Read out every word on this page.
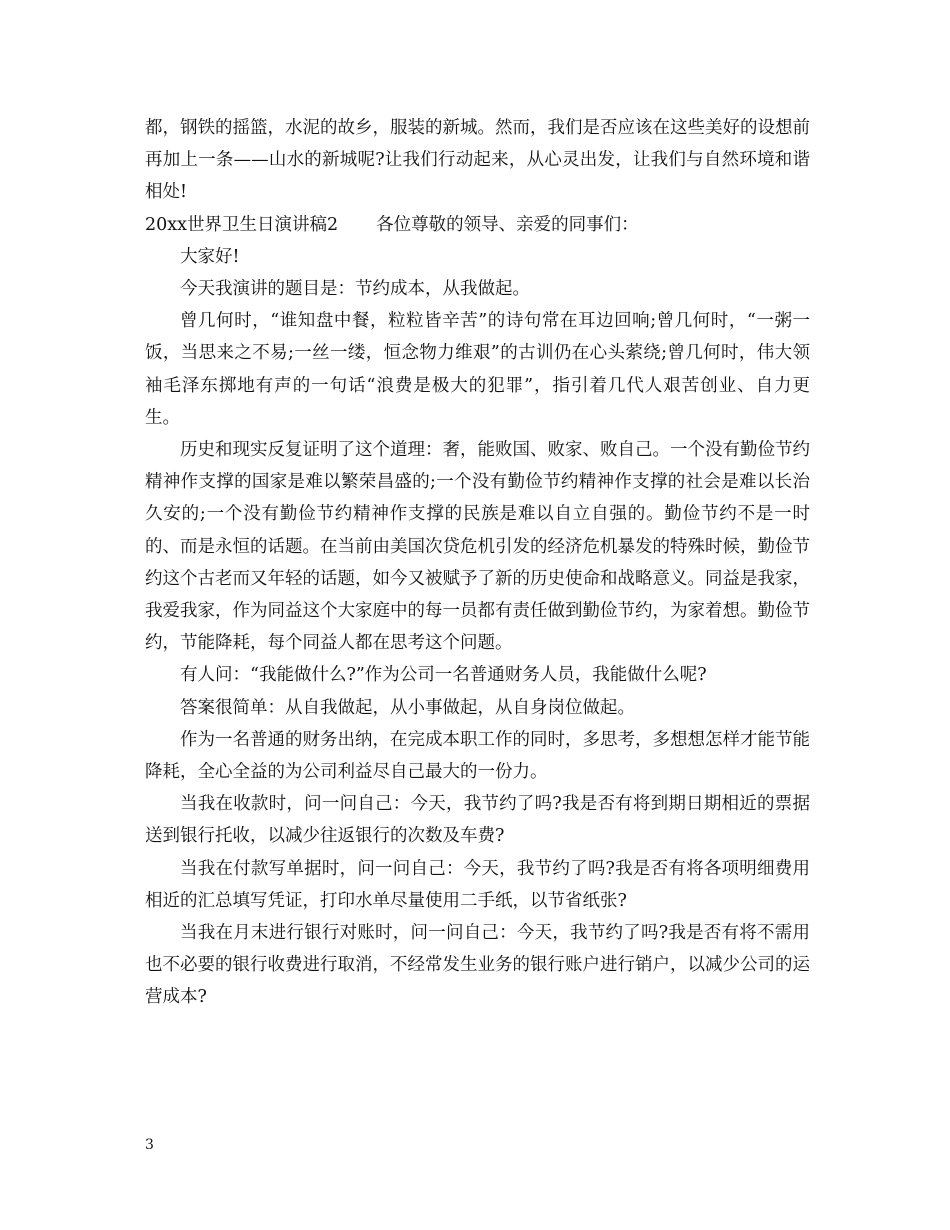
都，钢铁的摇篮，水泥的故乡，服装的新城。然而，我们是否应该在这些美好的设想前再加上一条——山水的新城呢?让我们行动起来，从心灵出发，让我们与自然环境和谐相处!

20xx世界卫生日演讲稿2 各位尊敬的领导、亲爱的同事们：

大家好!

今天我演讲的题目是：节约成本，从我做起。

曾几何时，“谁知盘中餐，粒粒皆辛苦”的诗句常在耳边回响;曾几何时，“一粥一饭，当思来之不易;一丝一缕，恒念物力维艰”的古训仍在心头萦绕;曾几何时，伟大领袖毛泽东掷地有声的一句话“浪费是极大的犯罪”，指引着几代人艰苦创业、自力更生。

历史和现实反复证明了这个道理：奢，能败国、败家、败自己。一个没有勤俭节约精神作支撑的国家是难以繁荣昌盛的;一个没有勤俭节约精神作支撑的社会是难以长治久安的;一个没有勤俭节约精神作支撑的民族是难以自立自强的。勤俭节约不是一时的、而是永恒的话题。在当前由美国次贷危机引发的经济危机暴发的特殊时候，勤俭节约这个古老而又年轻的话题，如今又被赋予了新的历史使命和战略意义。同益是我家，我爱我家，作为同益这个大家庭中的每一员都有责任做到勤俭节约，为家着想。勤俭节约，节能降耗，每个同益人都在思考这个问题。

有人问：“我能做什么?”作为公司一名普通财务人员，我能做什么呢?

答案很简单：从自我做起，从小事做起，从自身岗位做起。

作为一名普通的财务出纳，在完成本职工作的同时，多思考，多想想怎样才能节能降耗，全心全益的为公司利益尽自己最大的一份力。

当我在收款时，问一问自己：今天，我节约了吗?我是否有将到期日期相近的票据送到银行托收，以减少往返银行的次数及车费?

当我在付款写单据时，问一问自己：今天，我节约了吗?我是否有将各项明细费用相近的汇总填写凭证，打印水单尽量使用二手纸，以节省纸张?

当我在月末进行银行对账时，问一问自己：今天，我节约了吗?我是否有将不需用也不必要的银行收费进行取消，不经常发生业务的银行账户进行销户，以减少公司的运营成本?

3
